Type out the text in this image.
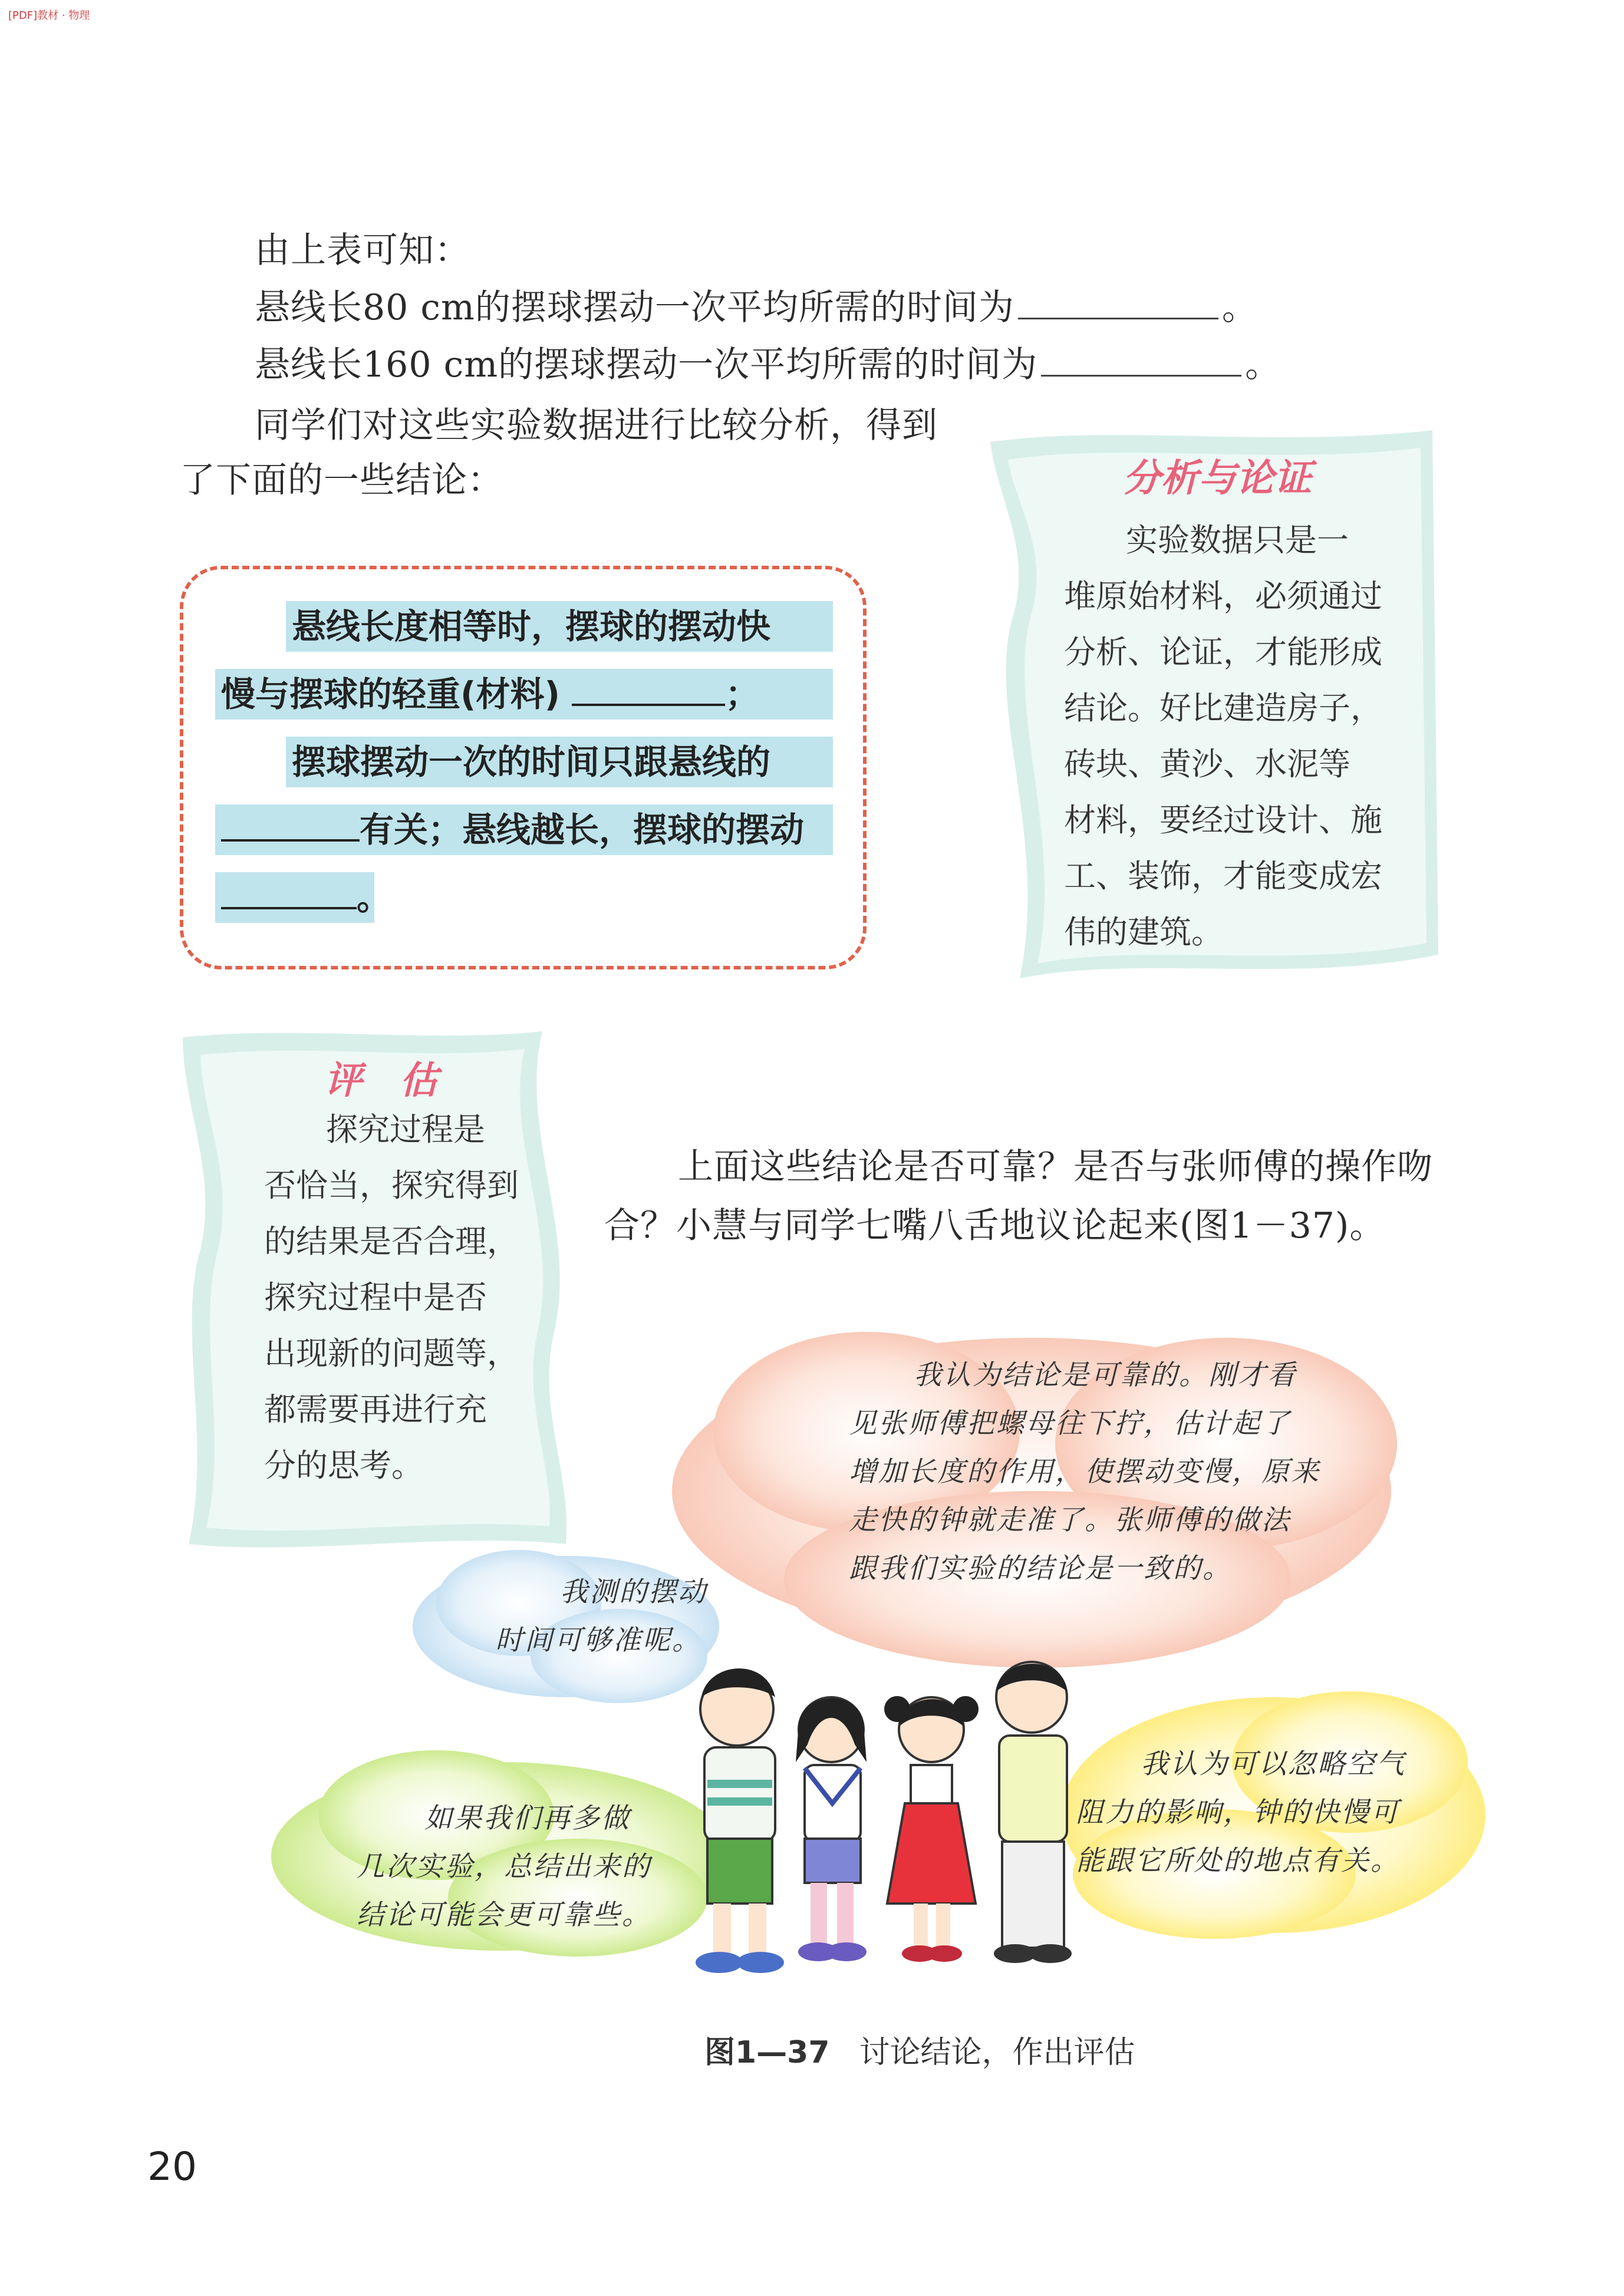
[PDF]教材 · 物理
由上表可知：
悬线长80 cm的摆球摆动一次平均所需的时间为	。
悬线长160 cm的摆球摆动一次平均所需的时间为	。
同学们对这些实验数据进行比较分析，得到
了下面的一些结论：
悬线长度相等时，摆球的摆动快
慢与摆球的轻重(材料)	；
摆球摆动一次的时间只跟悬线的
有关；悬线越长，摆球的摆动
。
分析与论证
实验数据只是一
堆原始材料，必须通过
分析、论证，才能形成
结论。好比建造房子，
砖块、黄沙、水泥等
材料，要经过设计、施
工、装饰，才能变成宏
伟的建筑。
评　估
探究过程是
否恰当，探究得到
的结果是否合理，
探究过程中是否
出现新的问题等，
都需要再进行充
分的思考。
上面这些结论是否可靠？是否与张师傅的操作吻
合？小慧与同学七嘴八舌地议论起来(图1－37)。
我认为结论是可靠的。刚才看
见张师傅把螺母往下拧，估计起了
增加长度的作用，使摆动变慢，原来
走快的钟就走准了。张师傅的做法
跟我们实验的结论是一致的。
我测的摆动
时间可够准呢。
如果我们再多做
几次实验，总结出来的
结论可能会更可靠些。
我认为可以忽略空气
阻力的影响，钟的快慢可
能跟它所处的地点有关。
图1—37 讨论结论，作出评估
20
